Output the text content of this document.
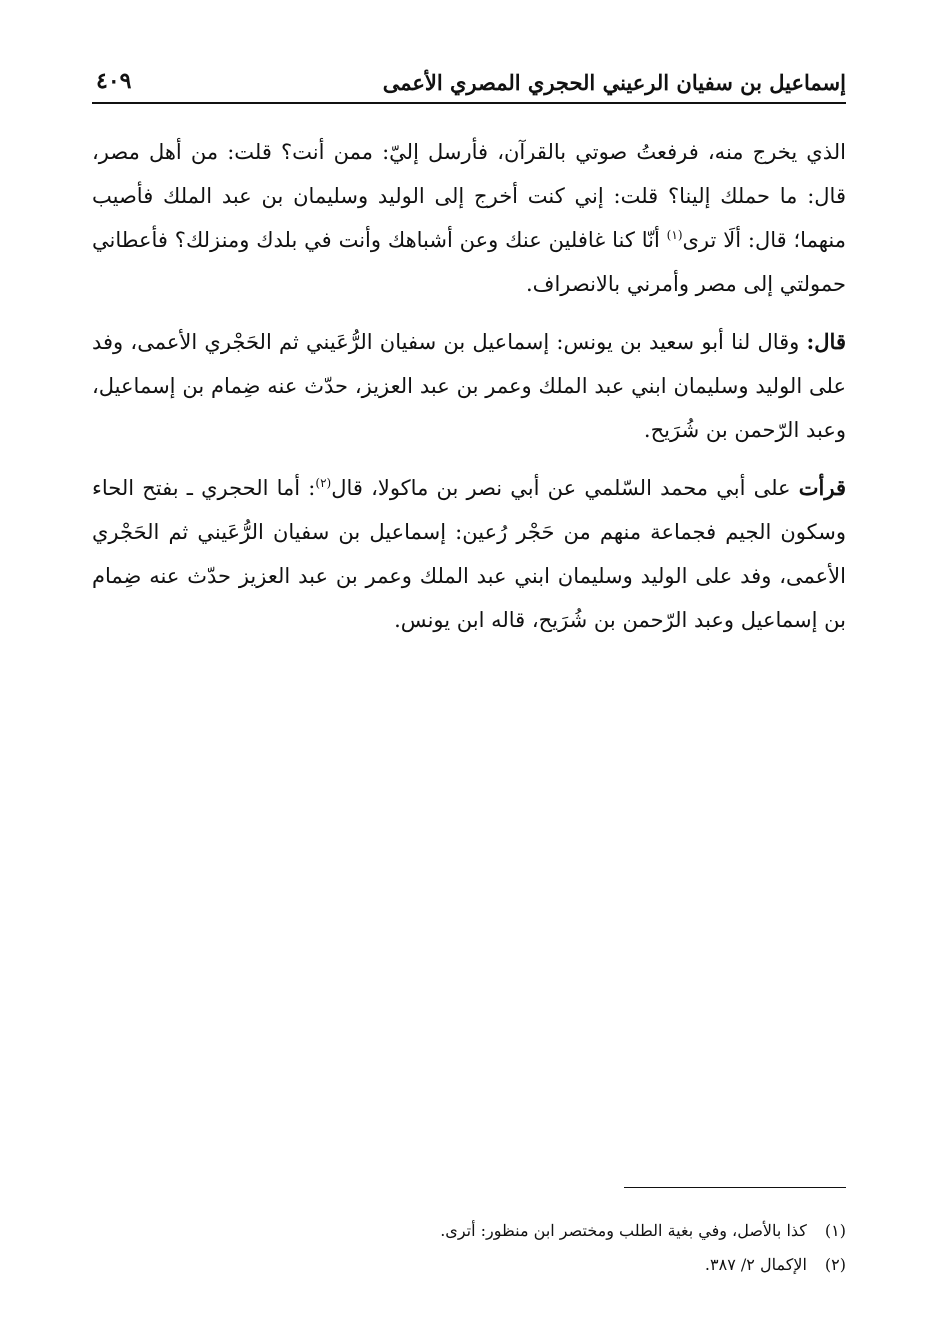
إسماعيل بن سفيان الرعيني الحجري المصري الأعمى
٤٠٩

الذي يخرج منه، فرفعتُ صوتي بالقرآن، فأرسل إليّ: ممن أنت؟ قلت: من أهل مصر، قال: ما حملك إلينا؟ قلت: إني كنت أخرج إلى الوليد وسليمان بن عبد الملك فأصيب منهما؛ قال: ألَا ترى$^{(١)}$ أنّا كنا غافلين عنك وعن أشباهك وأنت في بلدك ومنزلك؟ فأعطاني حمولتي إلى مصر وأمرني بالانصراف.

قال: وقال لنا أبو سعيد بن يونس: إسماعيل بن سفيان الرُّعَيني ثم الحَجْري الأعمى، وفد على الوليد وسليمان ابني عبد الملك وعمر بن عبد العزيز، حدّث عنه ضِمام بن إسماعيل، وعبد الرّحمن بن شُرَيح.

قرأت على أبي محمد السّلمي عن أبي نصر بن ماكولا، قال$^{(٢)}$: أما الحجري ـ بفتح الحاء وسكون الجيم فجماعة منهم من حَجْر رُعين: إسماعيل بن سفيان الرُّعَيني ثم الحَجْري الأعمى، وفد على الوليد وسليمان ابني عبد الملك وعمر بن عبد العزيز حدّث عنه ضِمام بن إسماعيل وعبد الرّحمن بن شُرَيح، قاله ابن يونس.

(١) كذا بالأصل، وفي بغية الطلب ومختصر ابن منظور: أترى.
(٢) الإكمال ٢/ ٣٨٧.
